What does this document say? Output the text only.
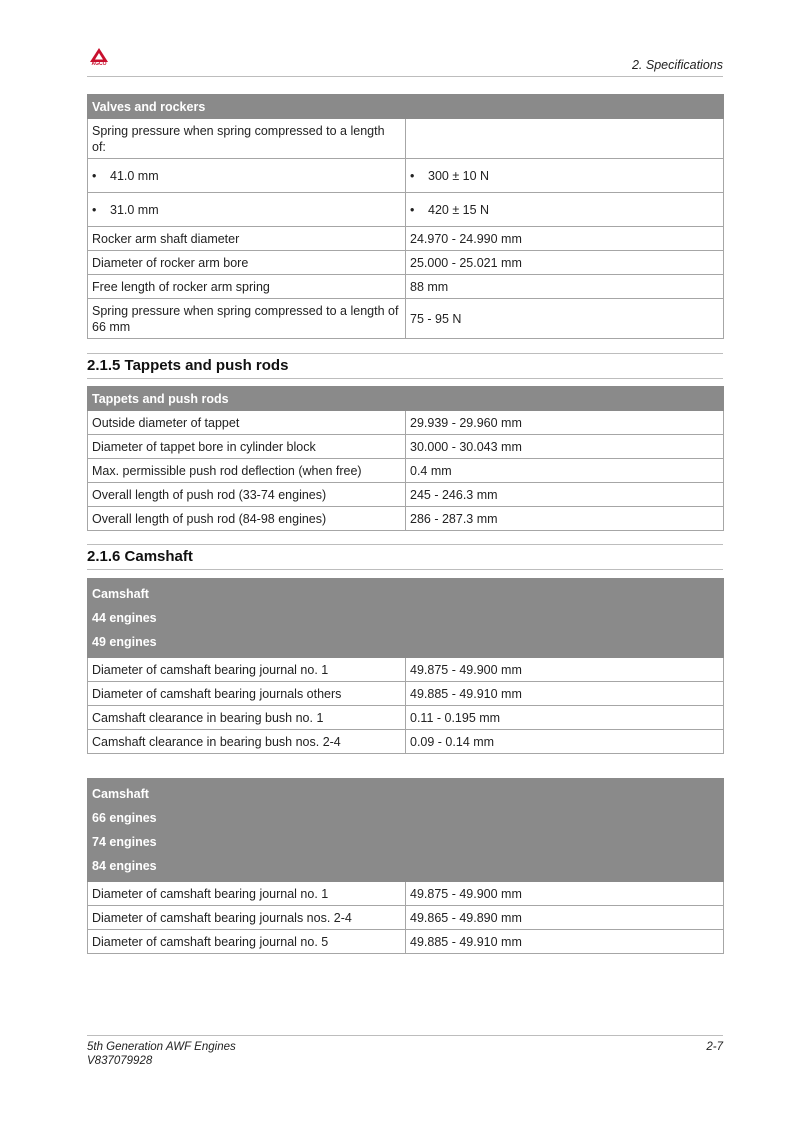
AGCO	2. Specifications
Valves and rockers	
Spring pressure when spring compressed to a length of:	
• 41.0 mm	• 300 ± 10 N
• 31.0 mm	• 420 ± 15 N
Rocker arm shaft diameter	24.970 - 24.990 mm
Diameter of rocker arm bore	25.000 - 25.021 mm
Free length of rocker arm spring	88 mm
Spring pressure when spring compressed to a length of 66 mm	75 - 95 N
2.1.5 Tappets and push rods
Tappets and push rods	
Outside diameter of tappet	29.939 - 29.960 mm
Diameter of tappet bore in cylinder block	30.000 - 30.043 mm
Max. permissible push rod deflection (when free)	0.4 mm
Overall length of push rod (33-74 engines)	245 - 246.3 mm
Overall length of push rod (84-98 engines)	286 - 287.3 mm
2.1.6 Camshaft
Camshaft
44 engines
49 engines	

Diameter of camshaft bearing journal no. 1	49.875 - 49.900 mm
Diameter of camshaft bearing journals others	49.885 - 49.910 mm
Camshaft clearance in bearing bush no. 1	0.11 - 0.195 mm
Camshaft clearance in bearing bush nos. 2-4	0.09 - 0.14 mm
Camshaft
66 engines
74 engines
84 engines	

Diameter of camshaft bearing journal no. 1	49.875 - 49.900 mm
Diameter of camshaft bearing journals nos. 2-4	49.865 - 49.890 mm
Diameter of camshaft bearing journal no. 5	49.885 - 49.910 mm
5th Generation AWF Engines
V837079928
2-7
